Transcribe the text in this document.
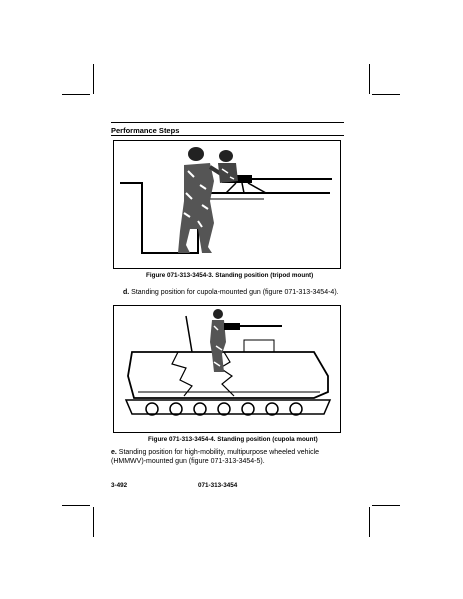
Performance Steps
Figure 071-313-3454-3. Standing position (tripod mount)
d. Standing position for cupola-mounted gun (figure 071-313-3454-4).
Figure 071-313-3454-4. Standing position (cupola mount)
e. Standing position for high-mobility, multipurpose wheeled vehicle (HMMWV)-mounted gun (figure 071-313-3454-5).
3-492	071-313-3454
